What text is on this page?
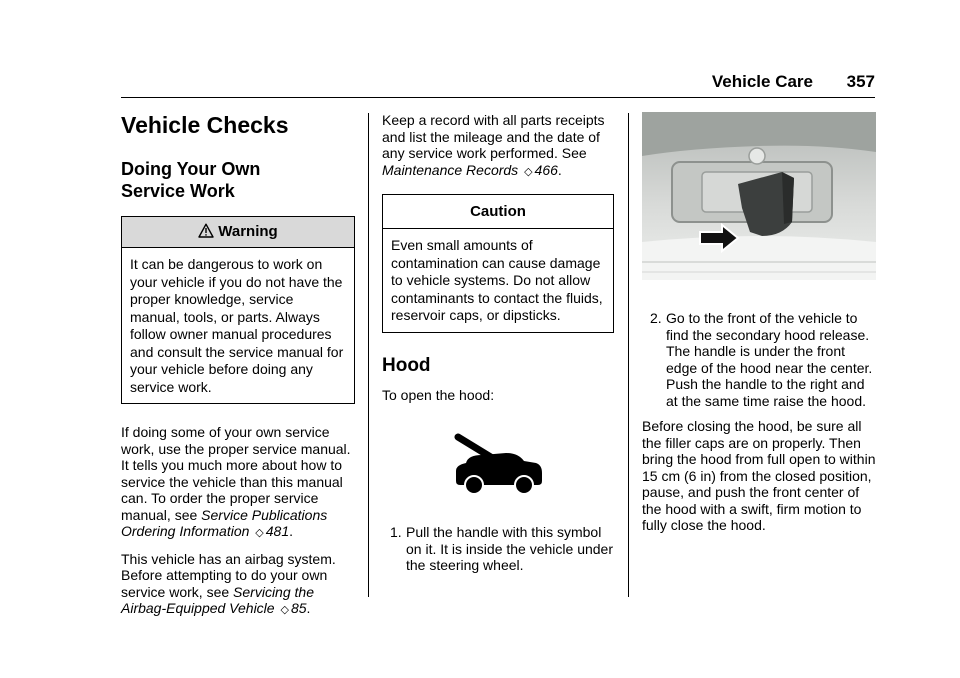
Vehicle Care 357
Vehicle Checks
Doing Your Own
Service Work
Warning
It can be dangerous to work on your vehicle if you do not have the proper knowledge, service manual, tools, or parts. Always follow owner manual procedures and consult the service manual for your vehicle before doing any service work.

If doing some of your own service work, use the proper service manual. It tells you much more about how to service the vehicle than this manual can. To order the proper service manual, see Service Publications Ordering Information ◇ 481.

This vehicle has an airbag system. Before attempting to do your own service work, see Servicing the Airbag-Equipped Vehicle ◇ 85.

Keep a record with all parts receipts and list the mileage and the date of any service work performed. See Maintenance Records ◇ 466.

Caution
Even small amounts of contamination can cause damage to vehicle systems. Do not allow contaminants to contact the fluids, reservoir caps, or dipsticks.
Hood

To open the hood:

1. Pull the handle with this symbol on it. It is inside the vehicle under the steering wheel.
2. Go to the front of the vehicle to find the secondary hood release. The handle is under the front edge of the hood near the center. Push the handle to the right and at the same time raise the hood.

Before closing the hood, be sure all the filler caps are on properly. Then bring the hood from full open to within 15 cm (6 in) from the closed position, pause, and push the front center of the hood with a swift, firm motion to fully close the hood.
